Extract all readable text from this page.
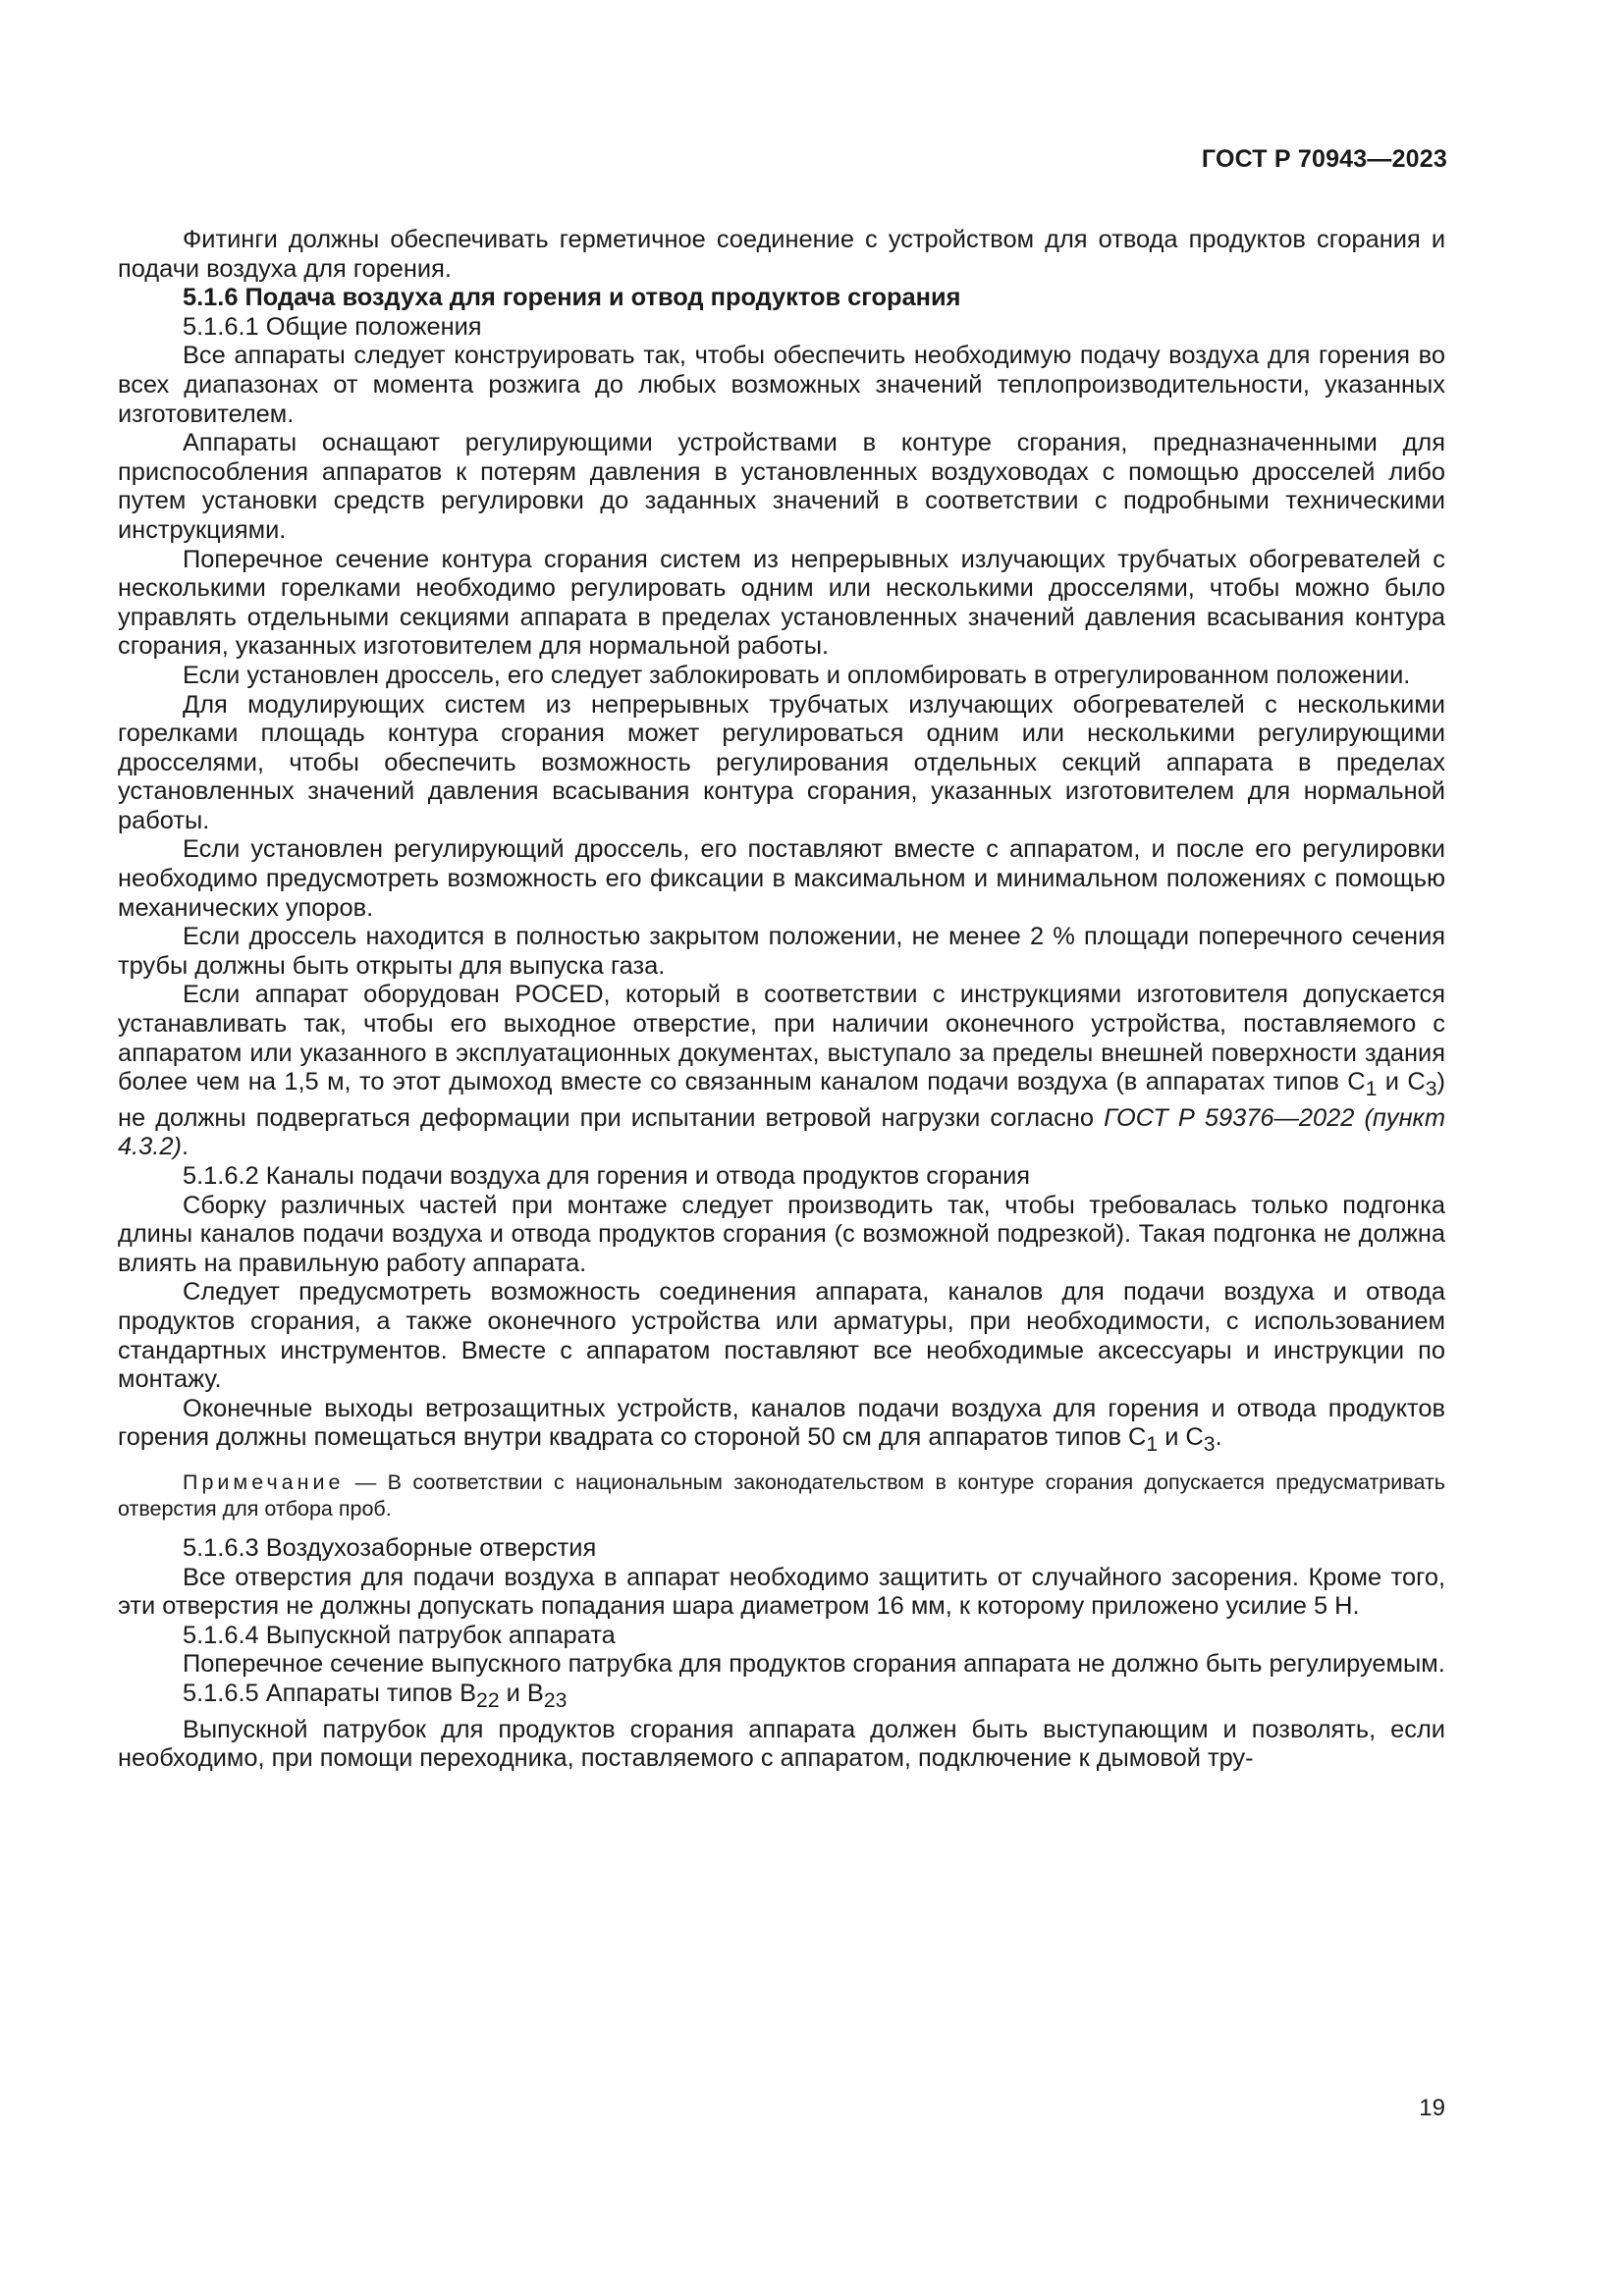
ГОСТ Р 70943—2023

Фитинги должны обеспечивать герметичное соединение с устройством для отвода продуктов сгорания и подачи воздуха для горения.

5.1.6 Подача воздуха для горения и отвод продуктов сгорания

5.1.6.1 Общие положения

Все аппараты следует конструировать так, чтобы обеспечить необходимую подачу воздуха для горения во всех диапазонах от момента розжига до любых возможных значений теплопроизводительности, указанных изготовителем.

Аппараты оснащают регулирующими устройствами в контуре сгорания, предназначенными для приспособления аппаратов к потерям давления в установленных воздуховодах с помощью дросселей либо путем установки средств регулировки до заданных значений в соответствии с подробными техническими инструкциями.

Поперечное сечение контура сгорания систем из непрерывных излучающих трубчатых обогревателей с несколькими горелками необходимо регулировать одним или несколькими дросселями, чтобы можно было управлять отдельными секциями аппарата в пределах установленных значений давления всасывания контура сгорания, указанных изготовителем для нормальной работы.

Если установлен дроссель, его следует заблокировать и опломбировать в отрегулированном положении.

Для модулирующих систем из непрерывных трубчатых излучающих обогревателей с несколькими горелками площадь контура сгорания может регулироваться одним или несколькими регулирующими дросселями, чтобы обеспечить возможность регулирования отдельных секций аппарата в пределах установленных значений давления всасывания контура сгорания, указанных изготовителем для нормальной работы.

Если установлен регулирующий дроссель, его поставляют вместе с аппаратом, и после его регулировки необходимо предусмотреть возможность его фиксации в максимальном и минимальном положениях с помощью механических упоров.

Если дроссель находится в полностью закрытом положении, не менее 2 % площади поперечного сечения трубы должны быть открыты для выпуска газа.

Если аппарат оборудован POCED, который в соответствии с инструкциями изготовителя допускается устанавливать так, чтобы его выходное отверстие, при наличии оконечного устройства, поставляемого с аппаратом или указанного в эксплуатационных документах, выступало за пределы внешней поверхности здания более чем на 1,5 м, то этот дымоход вместе со связанным каналом подачи воздуха (в аппаратах типов $С_1$ и $С_3$) не должны подвергаться деформации при испытании ветровой нагрузки согласно ГОСТ Р 59376—2022 (пункт 4.3.2).

5.1.6.2 Каналы подачи воздуха для горения и отвода продуктов сгорания

Сборку различных частей при монтаже следует производить так, чтобы требовалась только подгонка длины каналов подачи воздуха и отвода продуктов сгорания (с возможной подрезкой). Такая подгонка не должна влиять на правильную работу аппарата.

Следует предусмотреть возможность соединения аппарата, каналов для подачи воздуха и отвода продуктов сгорания, а также оконечного устройства или арматуры, при необходимости, с использованием стандартных инструментов. Вместе с аппаратом поставляют все необходимые аксессуары и инструкции по монтажу.

Оконечные выходы ветрозащитных устройств, каналов подачи воздуха для горения и отвода продуктов горения должны помещаться внутри квадрата со стороной 50 см для аппаратов типов $С_1$ и $С_3$.

Примечание — В соответствии с национальным законодательством в контуре сгорания допускается предусматривать отверстия для отбора проб.

5.1.6.3 Воздухозаборные отверстия

Все отверстия для подачи воздуха в аппарат необходимо защитить от случайного засорения. Кроме того, эти отверстия не должны допускать попадания шара диаметром 16 мм, к которому приложено усилие 5 Н.

5.1.6.4 Выпускной патрубок аппарата

Поперечное сечение выпускного патрубка для продуктов сгорания аппарата не должно быть регулируемым.

5.1.6.5 Аппараты типов $В_{22}$ и $В_{23}$

Выпускной патрубок для продуктов сгорания аппарата должен быть выступающим и позволять, если необходимо, при помощи переходника, поставляемого с аппаратом, подключение к дымовой тру-

19
